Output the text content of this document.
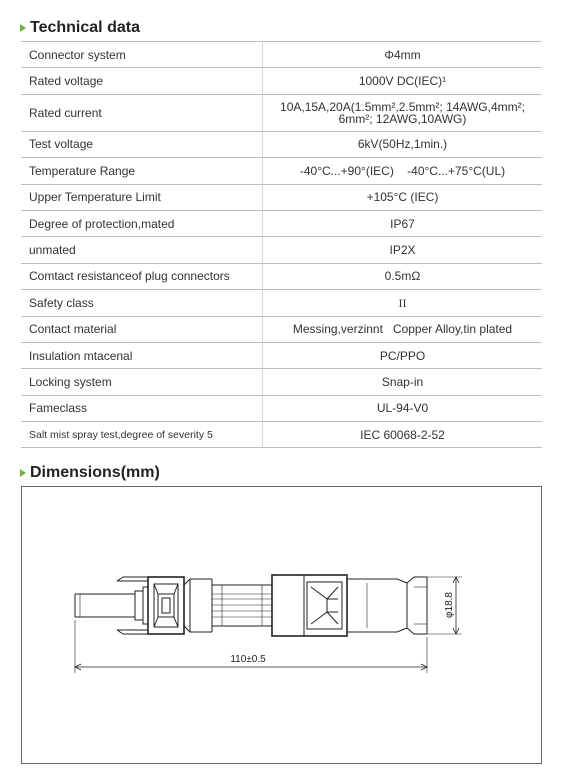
Technical data
Connector system	Φ4mm
Rated voltage	1000V DC(IEC)¹
Rated current	10A,15A,20A(1.5mm²,2.5mm²; 14AWG,4mm²;
6mm²; 12AWG,10AWG)

Test voltage	6kV(50Hz,1min.)
Temperature Range	-40°C...+90°(IEC)    -40°C...+75°C(UL)
Upper Temperature Limit	+105°C (IEC)
Degree of protection,mated	IP67
unmated	IP2X
Comtact resistanceof plug connectors	0.5mΩ
Safety class	II
Contact material	Messing,verzinnt   Copper Alloy,tin plated
Insulation mtacenal	PC/PPO
Locking system	Snap-in
Fameclass	UL-94-V0
Salt mist spray test,degree of severity 5	IEC 60068-2-52
Dimensions(mm)
110±0.5
φ18.8
